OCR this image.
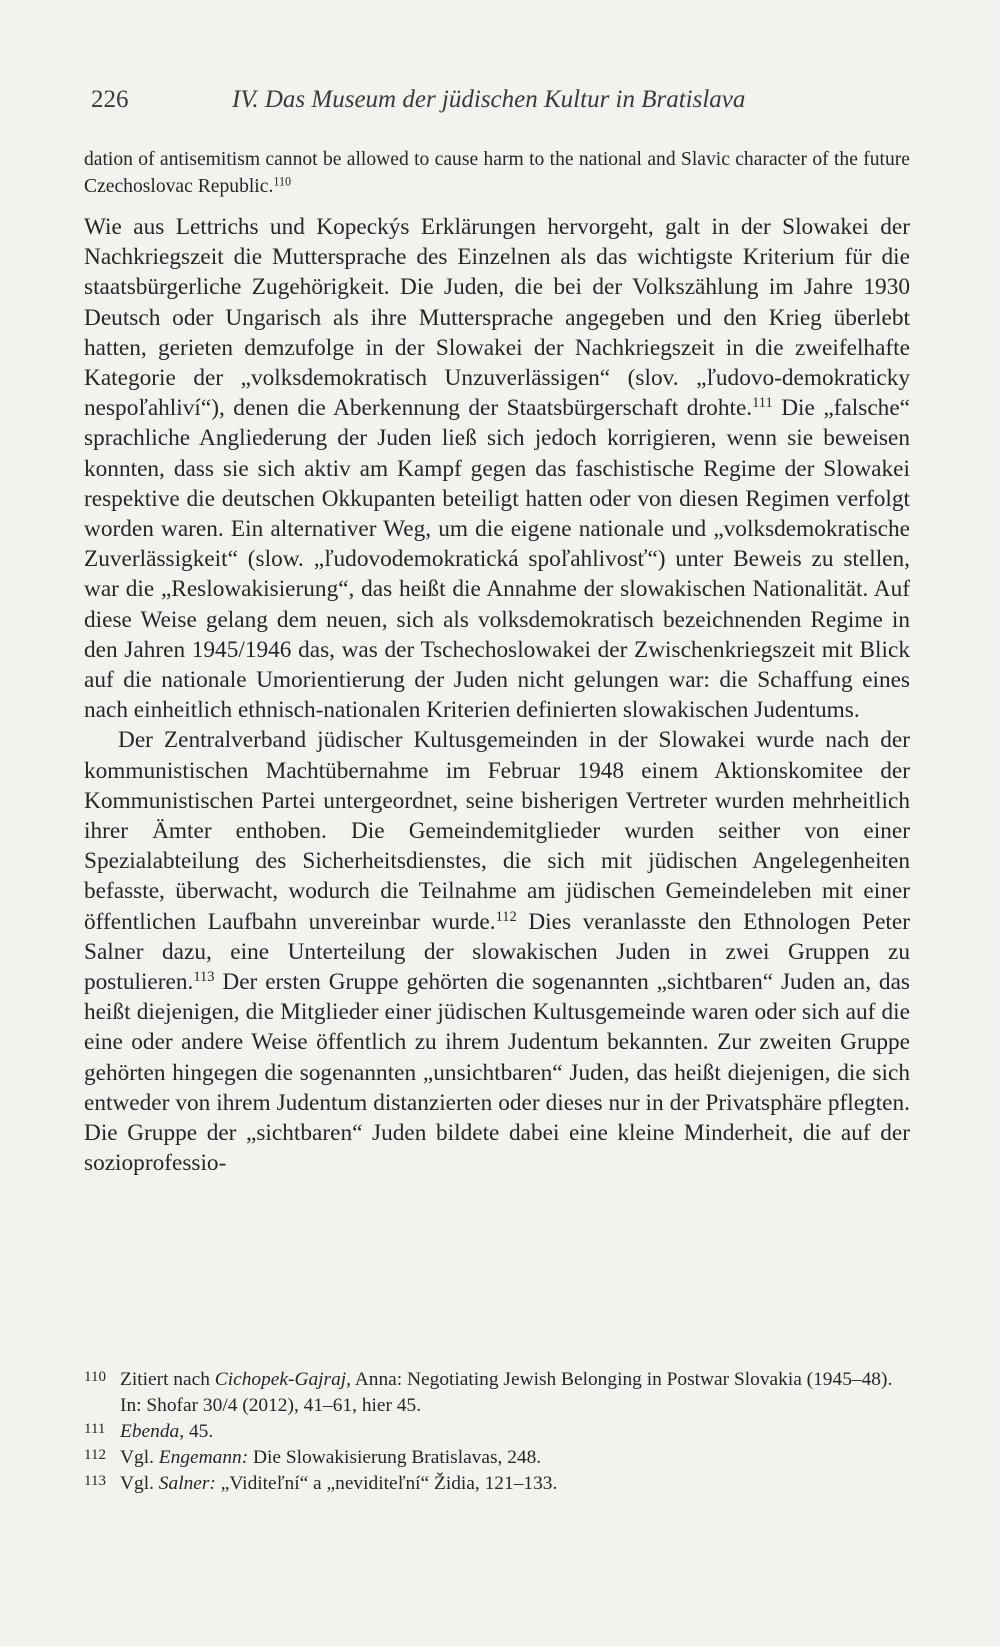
226	IV. Das Museum der jüdischen Kultur in Bratislava

dation of antisemitism cannot be allowed to cause harm to the national and Slavic character of the future Czechoslovac Republic.$^{110}$

Wie aus Lettrichs und Kopeckýs Erklärungen hervorgeht, galt in der Slowakei der Nachkriegszeit die Muttersprache des Einzelnen als das wichtigste Kriterium für die staatsbürgerliche Zugehörigkeit. Die Juden, die bei der Volkszählung im Jahre 1930 Deutsch oder Ungarisch als ihre Muttersprache angegeben und den Krieg überlebt hatten, gerieten demzufolge in der Slowakei der Nachkriegszeit in die zweifelhafte Kategorie der „volksdemokratisch Unzuverlässigen“ (slov. „ľudovo-demokraticky nespoľahliví“), denen die Aberkennung der Staatsbürgerschaft drohte.$^{111}$ Die „falsche“ sprachliche Angliederung der Juden ließ sich jedoch korrigieren, wenn sie beweisen konnten, dass sie sich aktiv am Kampf gegen das faschistische Regime der Slowakei respektive die deutschen Okkupanten beteiligt hatten oder von diesen Regimen verfolgt worden waren. Ein alternativer Weg, um die eigene nationale und „volksdemokratische Zuverlässigkeit“ (slow. „ľudovodemokratická spoľahlivosť“) unter Beweis zu stellen, war die „Reslowakisierung“, das heißt die Annahme der slowakischen Nationalität. Auf diese Weise gelang dem neuen, sich als volksdemokratisch bezeichnenden Regime in den Jahren 1945/1946 das, was der Tschechoslowakei der Zwischenkriegszeit mit Blick auf die nationale Umorientierung der Juden nicht gelungen war: die Schaffung eines nach einheitlich ethnisch-nationalen Kriterien definierten slowakischen Judentums.

Der Zentralverband jüdischer Kultusgemeinden in der Slowakei wurde nach der kommunistischen Machtübernahme im Februar 1948 einem Aktionskomitee der Kommunistischen Partei untergeordnet, seine bisherigen Vertreter wurden mehrheitlich ihrer Ämter enthoben. Die Gemeindemitglieder wurden seither von einer Spezialabteilung des Sicherheitsdienstes, die sich mit jüdischen Angelegenheiten befasste, überwacht, wodurch die Teilnahme am jüdischen Gemeindeleben mit einer öffentlichen Laufbahn unvereinbar wurde.$^{112}$ Dies veranlasste den Ethnologen Peter Salner dazu, eine Unterteilung der slowakischen Juden in zwei Gruppen zu postulieren.$^{113}$ Der ersten Gruppe gehörten die sogenannten „sichtbaren“ Juden an, das heißt diejenigen, die Mitglieder einer jüdischen Kultusgemeinde waren oder sich auf die eine oder andere Weise öffentlich zu ihrem Judentum bekannten. Zur zweiten Gruppe gehörten hingegen die sogenannten „unsichtbaren“ Juden, das heißt diejenigen, die sich entweder von ihrem Judentum distanzierten oder dieses nur in der Privatsphäre pflegten. Die Gruppe der „sichtbaren“ Juden bildete dabei eine kleine Minderheit, die auf der sozioprofessio-

110 Zitiert nach Cichopek-Gajraj, Anna: Negotiating Jewish Belonging in Postwar Slovakia (1945–48). In: Shofar 30/4 (2012), 41–61, hier 45.
111 Ebenda, 45.
112 Vgl. Engemann: Die Slowakisierung Bratislavas, 248.
113 Vgl. Salner: „Viditeľní“ a „neviditeľní“ Židia, 121–133.
